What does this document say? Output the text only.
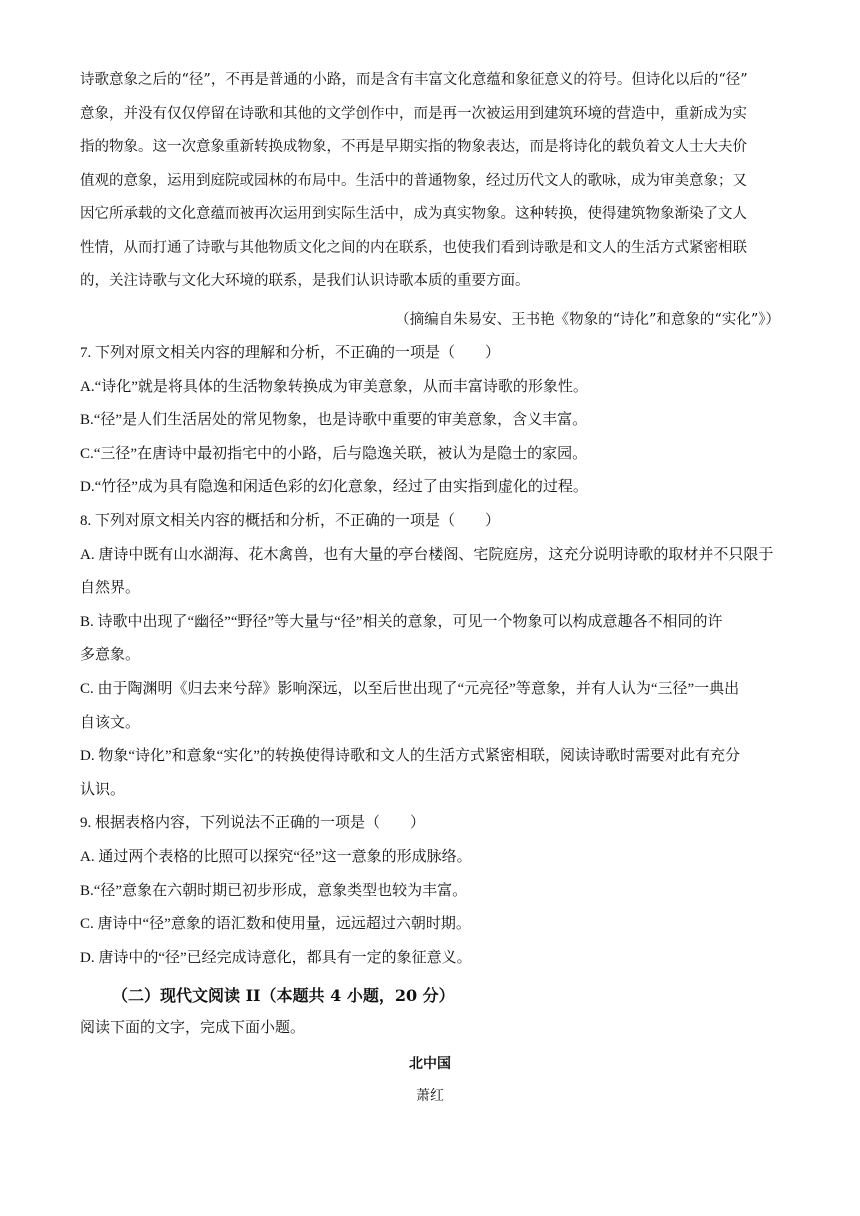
诗歌意象之后的“径”，不再是普通的小路，而是含有丰富文化意蕴和象征意义的符号。但诗化以后的“径”
意象，并没有仅仅停留在诗歌和其他的文学创作中，而是再一次被运用到建筑环境的营造中，重新成为实
指的物象。这一次意象重新转换成物象，不再是早期实指的物象表达，而是将诗化的载负着文人士大夫价
值观的意象，运用到庭院或园林的布局中。生活中的普通物象，经过历代文人的歌咏，成为审美意象；又
因它所承载的文化意蕴而被再次运用到实际生活中，成为真实物象。这种转换，使得建筑物象渐染了文人
性情，从而打通了诗歌与其他物质文化之间的内在联系，也使我们看到诗歌是和文人的生活方式紧密相联
的，关注诗歌与文化大环境的联系，是我们认识诗歌本质的重要方面。
（摘编自朱易安、王书艳《物象的“诗化”和意象的“实化”》）
7. 下列对原文相关内容的理解和分析，不正确的一项是（　　）
A.“诗化”就是将具体的生活物象转换成为审美意象，从而丰富诗歌的形象性。
B.“径”是人们生活居处的常见物象，也是诗歌中重要的审美意象，含义丰富。
C.“三径”在唐诗中最初指宅中的小路，后与隐逸关联，被认为是隐士的家园。
D.“竹径”成为具有隐逸和闲适色彩的幻化意象，经过了由实指到虚化的过程。
8. 下列对原文相关内容的概括和分析，不正确的一项是（　　）
A. 唐诗中既有山水湖海、花木禽兽，也有大量的亭台楼阁、宅院庭房，这充分说明诗歌的取材并不只限于
自然界。
B. 诗歌中出现了“幽径”“野径”等大量与“径”相关的意象，可见一个物象可以构成意趣各不相同的许
多意象。
C. 由于陶渊明《归去来兮辞》影响深远，以至后世出现了“元亮径”等意象，并有人认为“三径”一典出
自该文。
D. 物象“诗化”和意象“实化”的转换使得诗歌和文人的生活方式紧密相联，阅读诗歌时需要对此有充分
认识。
9. 根据表格内容，下列说法不正确的一项是（　　）
A. 通过两个表格的比照可以探究“径”这一意象的形成脉络。
B.“径”意象在六朝时期已初步形成，意象类型也较为丰富。
C. 唐诗中“径”意象的语汇数和使用量，远远超过六朝时期。
D. 唐诗中的“径”已经完成诗意化，都具有一定的象征意义。
（二）现代文阅读 II（本题共 4 小题，20 分）
阅读下面的文字，完成下面小题。
北中国
萧红
